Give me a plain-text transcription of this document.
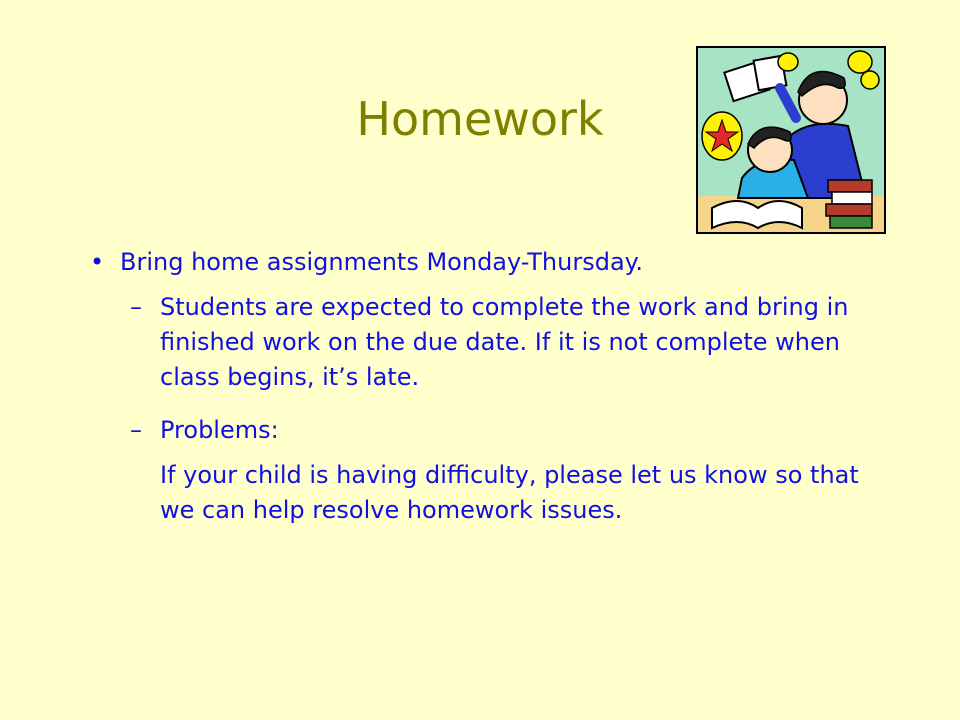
Homework
• Bring home assignments Monday-Thursday.
– Students are expected to complete the work and bring in finished work on the due date. If it is not complete when class begins, it’s late.
– Problems:
If your child is having difficulty, please let us know so that we can help resolve homework issues.
